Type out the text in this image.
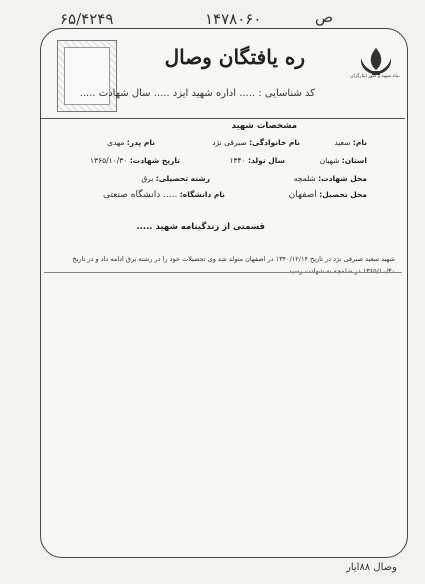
۶۵/۴۲۴۹	۱۴۷۸۰۶۰	ص
ره یافتگان وصال
کد شناسایی : ..... اداره شهید ایزد ..... سال شهادت .....
بنیاد شهید و امور ایثارگران
مشخصات شهید
نام: سعید
نام خانوادگی: صبرقی نژد
نام پدر: مهدی
استان: شهیان
سال تولد: ۱۳۴۰
تاریخ شهادت: ۱۳۶۵/۱۰/۳۰
محل شهادت: شلمچه
رشته تحصیلی: برق
محل تحصیل: اصفهان
نام دانشگاه: ..... دانشگاه صنعتی
قسمتی از زندگینامه شهید .....
شهید سعید صبرقی نژد در تاریخ ۱۳۴۰/۱۲/۱۴ در اصفهان متولد شد وی تحصیلات خود را در رشته برق ادامه داد و در تاریخ
۱۳۶۵/۱۰/۳۰ در شلمچه به شهادت رسید.
وصال ۸۸ایار
